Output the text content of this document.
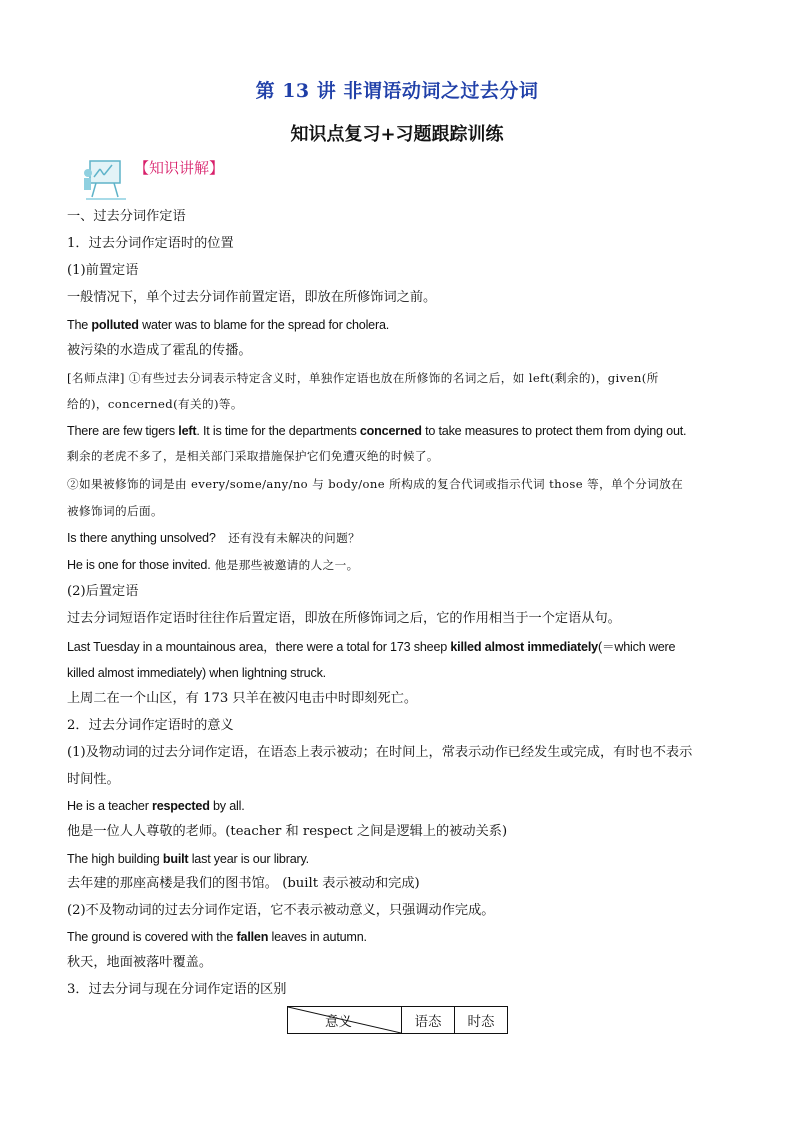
第 13 讲 非谓语动词之过去分词
知识点复习+习题跟踪训练
【知识讲解】
一、过去分词作定语
1．过去分词作定语时的位置
(1)前置定语
一般情况下，单个过去分词作前置定语，即放在所修饰词之前。
The polluted water was to blame for the spread for cholera.
被污染的水造成了霍乱的传播。
[名师点津] ①有些过去分词表示特定含义时，单独作定语也放在所修饰的名词之后，如 left(剩余的)，given(所
给的)，concerned(有关的)等。
There are few tigers left. It is time for the departments concerned to take measures to protect them from dying out.
剩余的老虎不多了，是相关部门采取措施保护它们免遭灭绝的时候了。
②如果被修饰的词是由 every/some/any/no 与 body/one 所构成的复合代词或指示代词 those 等，单个分词放在
被修饰词的后面。
Is there anything unsolved? 还有没有未解决的问题？
He is one for those invited. 他是那些被邀请的人之一。
(2)后置定语
过去分词短语作定语时往往作后置定语，即放在所修饰词之后，它的作用相当于一个定语从句。
Last Tuesday in a mountainous area，there were a total for 173 sheep killed almost immediately(＝which were
killed almost immediately) when lightning struck.
上周二在一个山区，有 173 只羊在被闪电击中时即刻死亡。
2．过去分词作定语时的意义
(1)及物动词的过去分词作定语，在语态上表示被动；在时间上，常表示动作已经发生或完成，有时也不表示
时间性。
He is a teacher respected by all.
他是一位人人尊敬的老师。(teacher 和 respect 之间是逻辑上的被动关系)
The high building built last year is our library.
去年建的那座高楼是我们的图书馆。 (built 表示被动和完成)
(2)不及物动词的过去分词作定语，它不表示被动意义，只强调动作完成。
The ground is covered with the fallen leaves in autumn.
秋天，地面被落叶覆盖。
3．过去分词与现在分词作定语的区别
意义	语态	时态
